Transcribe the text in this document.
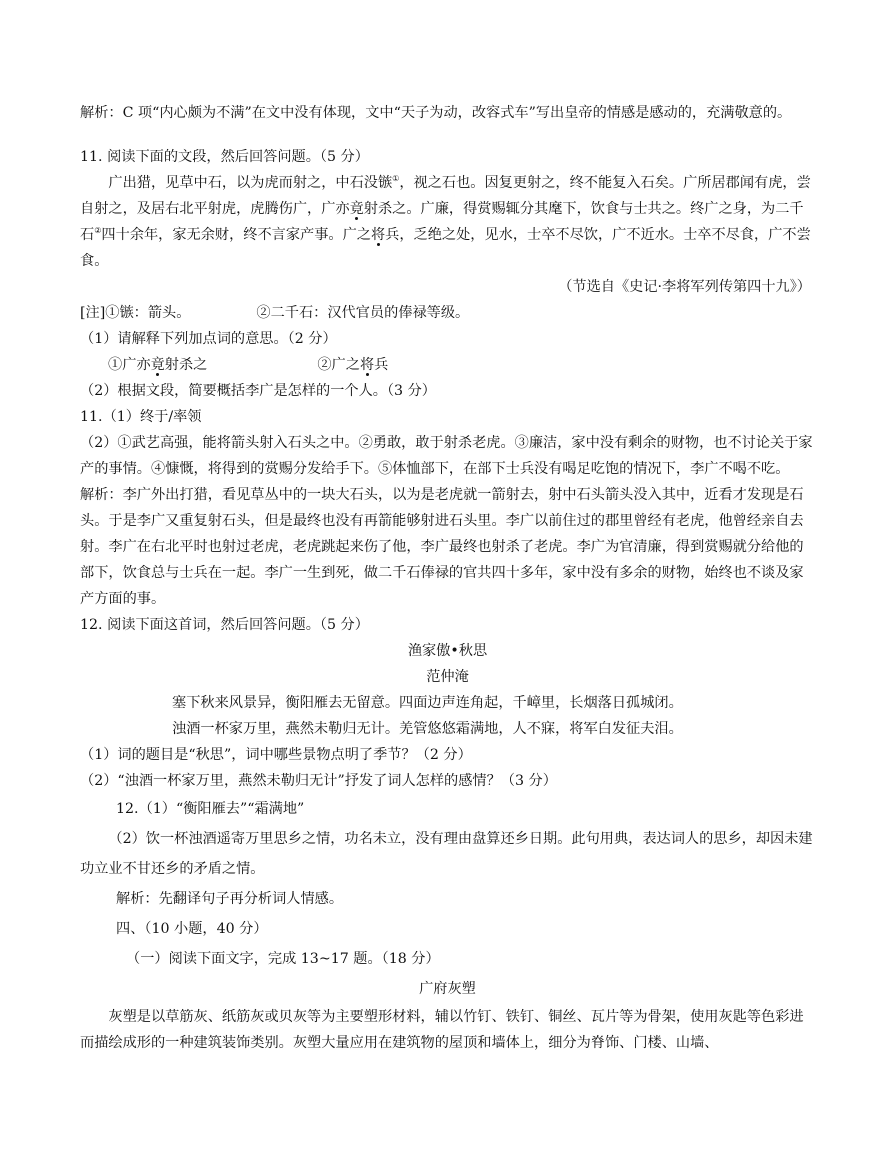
解析：C 项“内心颇为不满”在文中没有体现，文中“天子为动，改容式车”写出皇帝的情感是感动的，充满敬意的。

11. 阅读下面的文段，然后回答问题。（5 分）

广出猎，见草中石，以为虎而射之，中石没镞①，视之石也。因复更射之，终不能复入石矣。广所居郡闻有虎，尝自射之，及居右北平射虎，虎腾伤广，广亦竟射杀之。广廉，得赏赐辄分其麾下，饮食与士共之。终广之身，为二千石②四十余年，家无余财，终不言家产事。广之将兵，乏绝之处，见水，士卒不尽饮，广不近水。士卒不尽食，广不尝食。

（节选自《史记·李将军列传第四十九》）

[注]①镞：箭头。	②二千石：汉代官员的俸禄等级。

（1）请解释下列加点词的意思。（2 分）

①广亦竟射杀之	②广之将兵

（2）根据文段，简要概括李广是怎样的一个人。（3 分）

11.（1）终于/率领

（2）①武艺高强，能将箭头射入石头之中。②勇敢，敢于射杀老虎。③廉洁，家中没有剩余的财物，也不讨论关于家产的事情。④慷慨，将得到的赏赐分发给手下。⑤体恤部下，在部下士兵没有喝足吃饱的情况下，李广不喝不吃。

解析：李广外出打猎，看见草丛中的一块大石头，以为是老虎就一箭射去，射中石头箭头没入其中，近看才发现是石头。于是李广又重复射石头，但是最终也没有再箭能够射进石头里。李广以前住过的郡里曾经有老虎，他曾经亲自去射。李广在右北平时也射过老虎，老虎跳起来伤了他，李广最终也射杀了老虎。李广为官清廉，得到赏赐就分给他的部下，饮食总与士兵在一起。李广一生到死，做二千石俸禄的官共四十多年，家中没有多余的财物，始终也不谈及家产方面的事。

12. 阅读下面这首词，然后回答问题。（5 分）

渔家傲•秋思

范仲淹

塞下秋来风景异，衡阳雁去无留意。四面边声连角起，千嶂里，长烟落日孤城闭。

浊酒一杯家万里，燕然未勒归无计。羌管悠悠霜满地，人不寐，将军白发征夫泪。

（1）词的题目是“秋思”，词中哪些景物点明了季节？（2 分）

（2）“浊酒一杯家万里，燕然未勒归无计”抒发了词人怎样的感情？（3 分）

12.（1）“衡阳雁去”“霜满地”

（2）饮一杯浊酒遥寄万里思乡之情，功名未立，没有理由盘算还乡日期。此句用典，表达词人的思乡，却因未建功立业不甘还乡的矛盾之情。

解析：先翻译句子再分析词人情感。

四、（10 小题，40 分）

（一）阅读下面文字，完成 13~17 题。（18 分）

广府灰塑

灰塑是以草筋灰、纸筋灰或贝灰等为主要塑形材料，辅以竹钉、铁钉、铜丝、瓦片等为骨架，使用灰匙等色彩进而描绘成形的一种建筑装饰类别。灰塑大量应用在建筑物的屋顶和墙体上，细分为脊饰、门楼、山墙、
